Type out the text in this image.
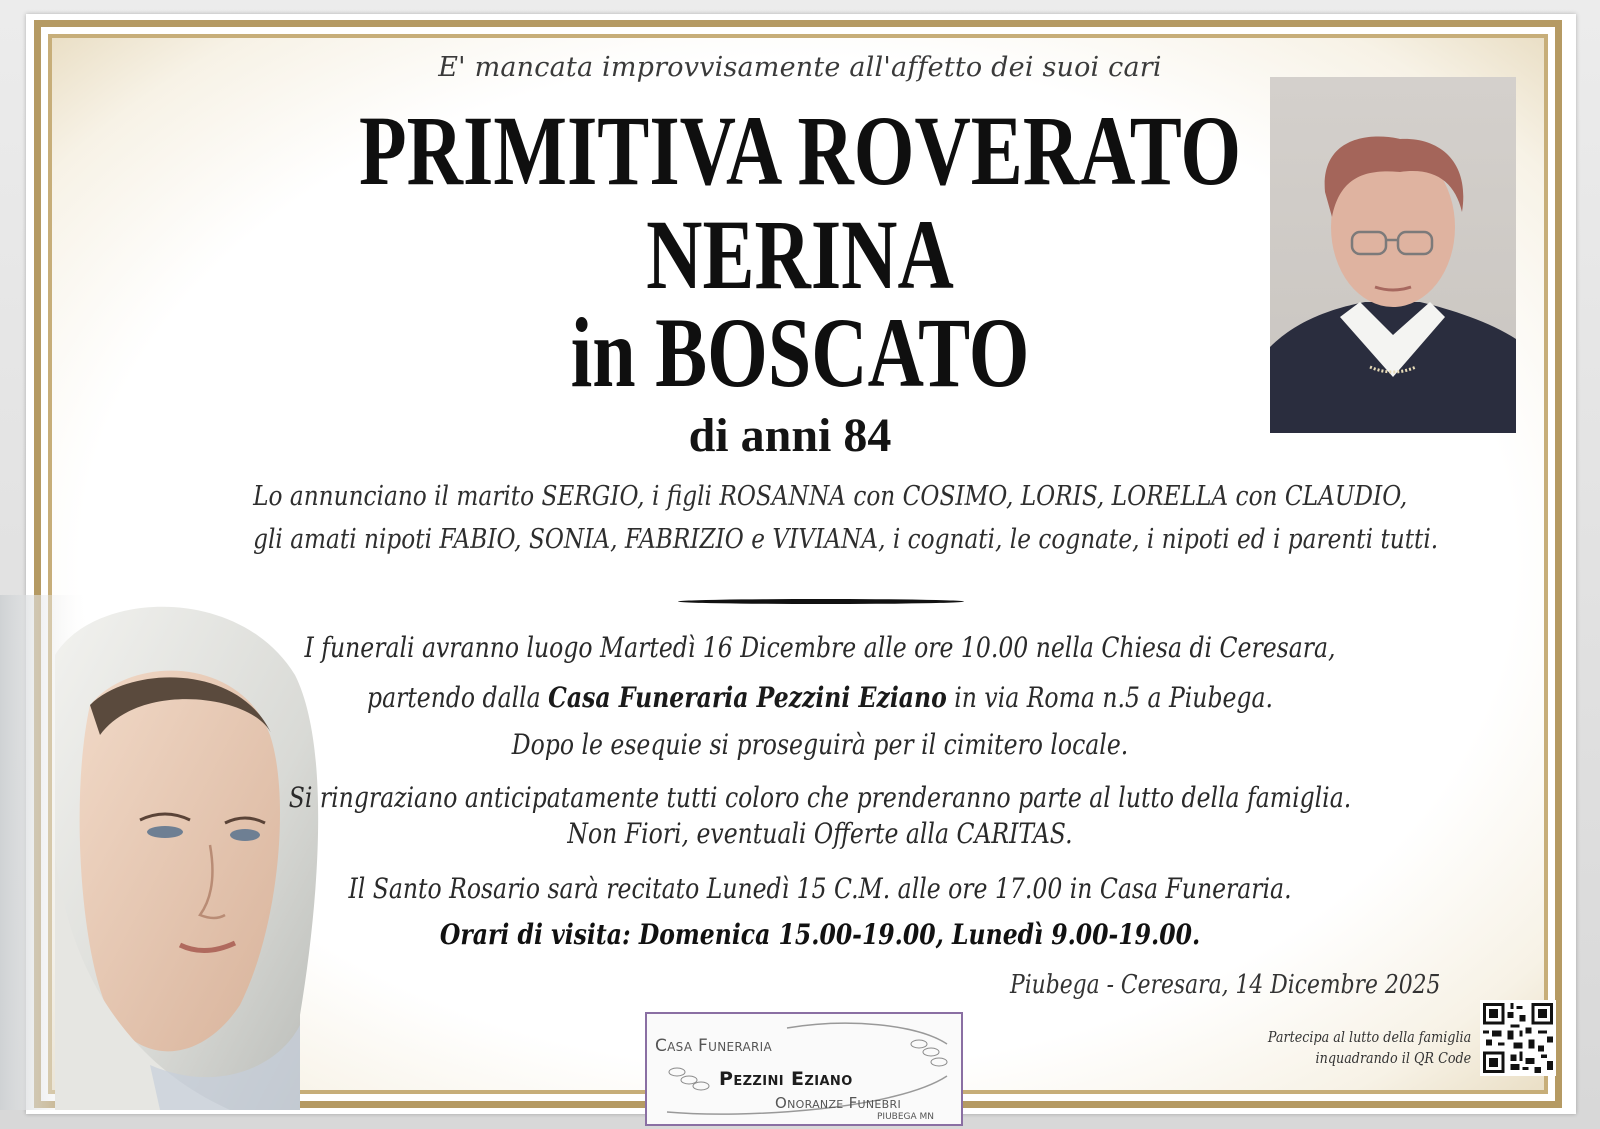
E' mancata improvvisamente all'affetto dei suoi cari
PRIMITIVA ROVERATO
NERINA
in BOSCATO
di anni 84
Lo annunciano il marito SERGIO, i figli ROSANNA con COSIMO, LORIS, LORELLA con CLAUDIO,
gli amati nipoti FABIO, SONIA, FABRIZIO e VIVIANA, i cognati, le cognate, i nipoti ed i parenti tutti.
I funerali avranno luogo Martedì 16 Dicembre alle ore 10.00 nella Chiesa di Ceresara,
partendo dalla Casa Funeraria Pezzini Eziano in via Roma n.5 a Piubega.
Dopo le esequie si proseguirà per il cimitero locale.
Si ringraziano anticipatamente tutti coloro che prenderanno parte al lutto della famiglia.
Non Fiori, eventuali Offerte alla CARITAS.
Il Santo Rosario sarà recitato Lunedì 15 C.M. alle ore 17.00 in Casa Funeraria.
Orari di visita: Domenica 15.00-19.00, Lunedì 9.00-19.00.
Piubega - Ceresara, 14 Dicembre 2025
Casa Funeraria
Pezzini Eziano
Onoranze Funebri
PIUBEGA MN
Partecipa al lutto della famiglia
inquadrando il QR Code
